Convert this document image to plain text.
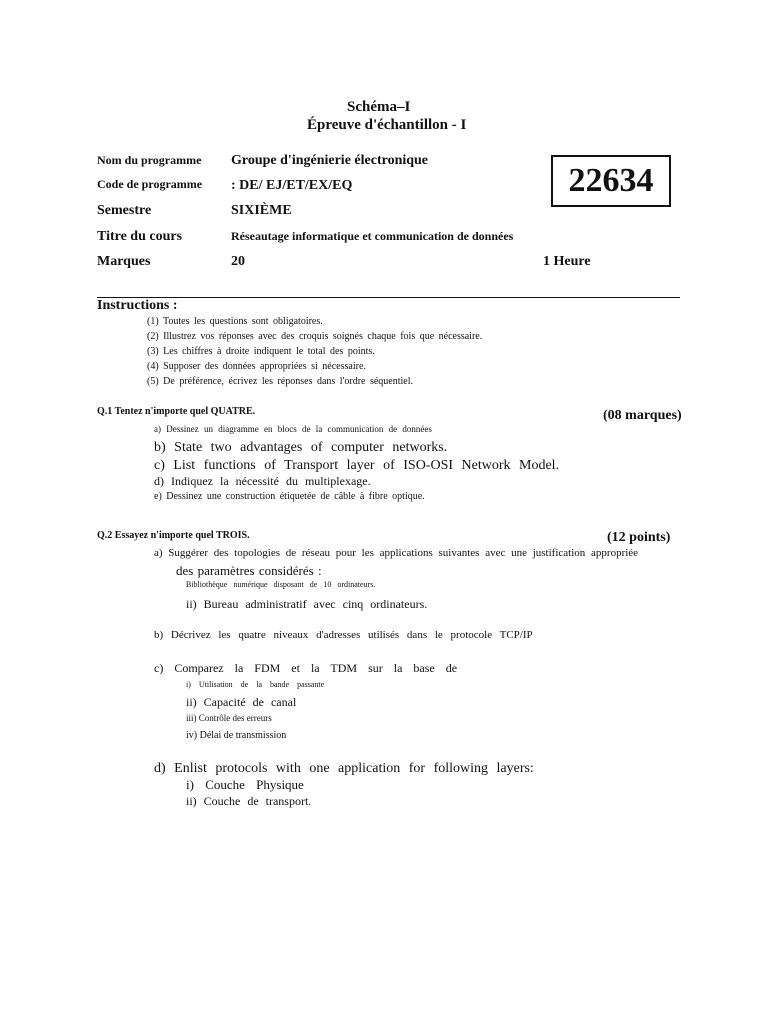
Schéma–I
Épreuve d'échantillon - I
Nom du programme Groupe d'ingénierie électronique
Code de programme : DE/ EJ/ET/EX/EQ
Semestre	SIXIÈME
Titre du cours	Réseautage informatique et communication de données
Marques	20	1 Heure
22634
Instructions :
(1) Toutes les questions sont obligatoires.
(2) Illustrez vos réponses avec des croquis soignés chaque fois que nécessaire.
(3) Les chiffres à droite indiquent le total des points.
(4) Supposer des données appropriées si nécessaire.
(5) De préférence, écrivez les réponses dans l'ordre séquentiel.
Q.1 Tentez n'importe quel QUATRE.	(08 marques)
a) Dessinez un diagramme en blocs de la communication de données
b) State two advantages of computer networks.
c) List functions of Transport layer of ISO-OSI Network Model.
d) Indiquez la nécessité du multiplexage.
e) Dessinez une construction étiquetée de câble à fibre optique.
Q.2 Essayez n'importe quel TROIS.	(12 points)
a) Suggérer des topologies de réseau pour les applications suivantes avec une justification appropriée
des paramètres considérés :
Bibliothèque numérique disposant de 10 ordinateurs.
ii) Bureau administratif avec cinq ordinateurs.
b) Décrivez les quatre niveaux d'adresses utilisés dans le protocole TCP/IP
c) Comparez la FDM et la TDM sur la base de
i) Utilisation de la bande passante
ii) Capacité de canal
iii) Contrôle des erreurs
iv) Délai de transmission
d) Enlist protocols with one application for following layers:
i) Couche Physique
ii) Couche de transport.
